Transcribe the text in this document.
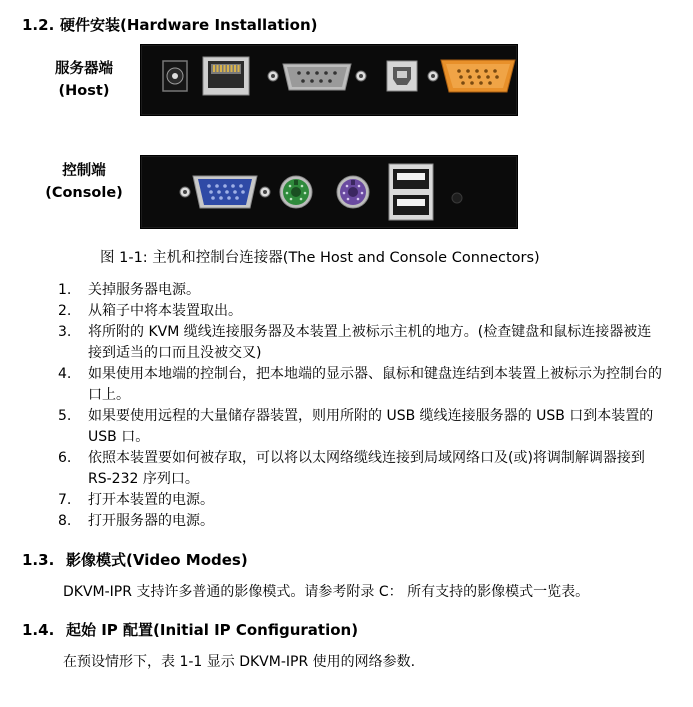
1.2. 硬件安装(Hardware Installation)
服务器端
(Host)
控制端
(Console)
图 1-1: 主机和控制台连接器(The Host and Console Connectors)
1. 关掉服务器电源。
2. 从箱子中将本装置取出。
3. 将所附的 KVM 缆线连接服务器及本装置上被标示主机的地方。(检查键盘和鼠标连接器被连接到适当的口而且没被交叉)
4. 如果使用本地端的控制台，把本地端的显示器、鼠标和键盘连结到本装置上被标示为控制台的口上。
5. 如果要使用远程的大量储存器装置，则用所附的 USB 缆线连接服务器的 USB 口到本装置的 USB 口。
6. 依照本装置要如何被存取，可以将以太网络缆线连接到局域网络口及(或)将调制解调器接到 RS-232 序列口。
7. 打开本装置的电源。
8. 打开服务器的电源。
1.3. 影像模式(Video Modes)
DKVM-IPR 支持许多普通的影像模式。请参考附录 C： 所有支持的影像模式一览表。
1.4. 起始 IP 配置(Initial IP Configuration)
在预设情形下，表 1-1 显示 DKVM-IPR 使用的网络参数.
